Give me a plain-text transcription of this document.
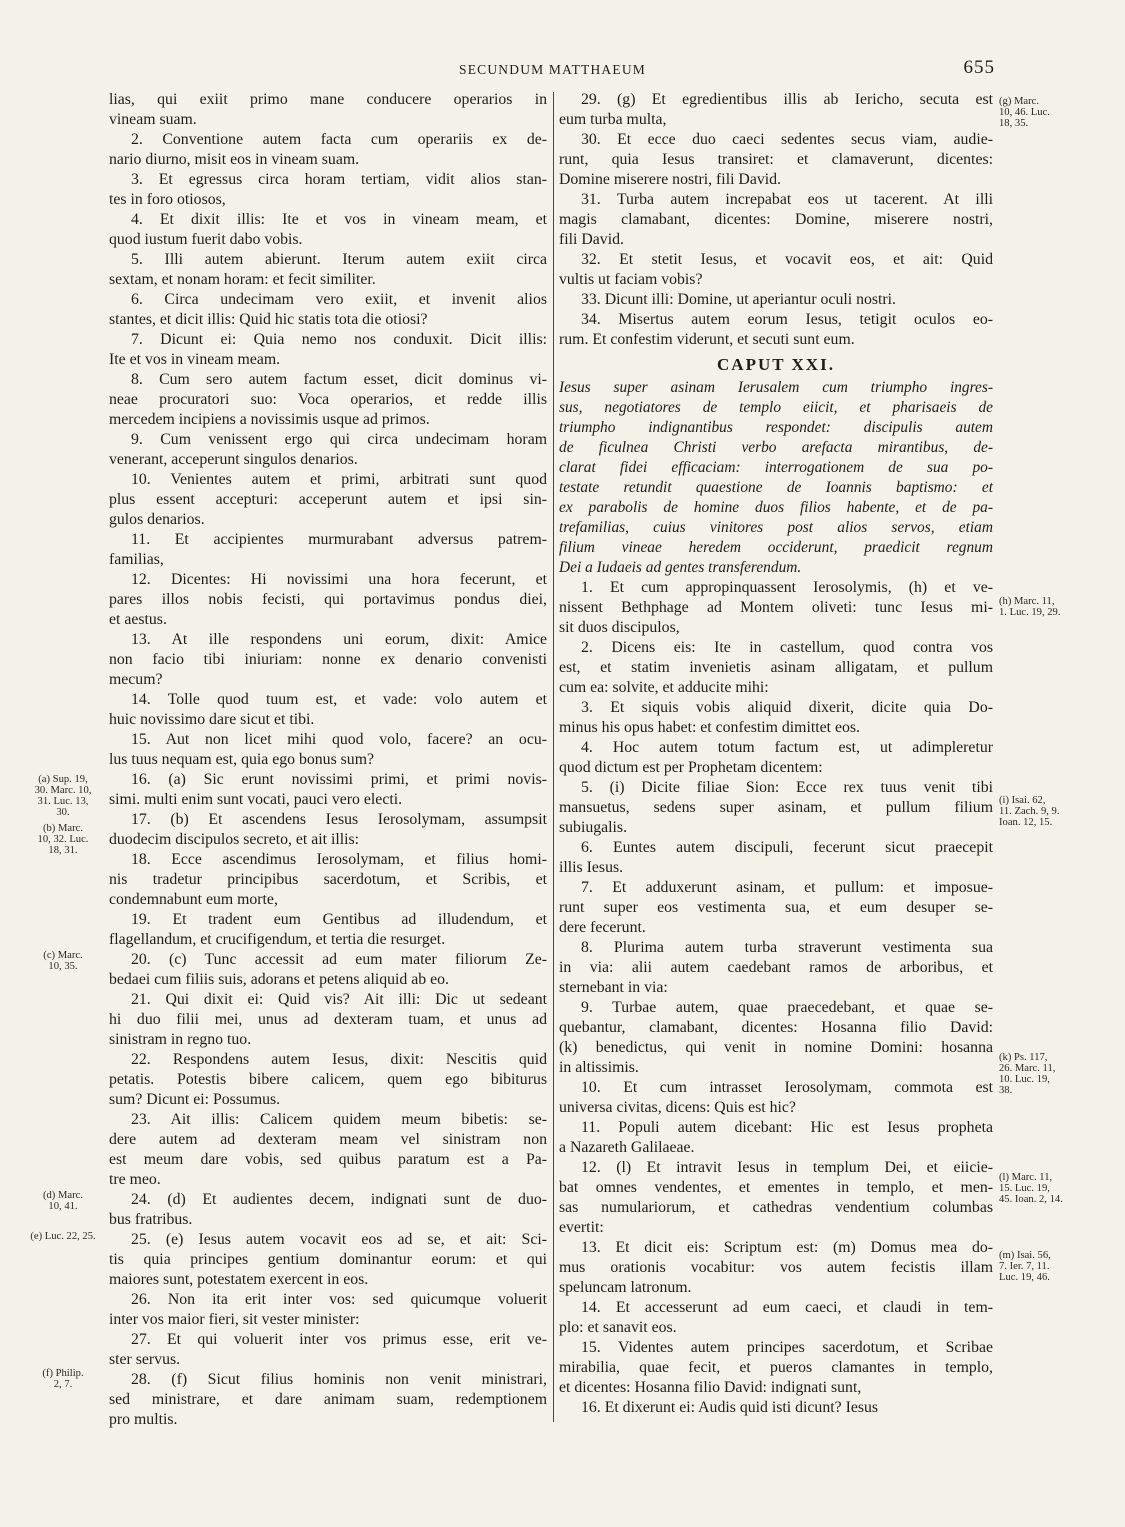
SECUNDUM MATTHAEUM	655
lias, qui exiit primo mane conducere operarios in
vineam suam.
2. Conventione autem facta cum operariis ex de-
nario diurno, misit eos in vineam suam.
3. Et egressus circa horam tertiam, vidit alios stan-
tes in foro otiosos,
4. Et dixit illis: Ite et vos in vineam meam, et
quod iustum fuerit dabo vobis.
5. Illi autem abierunt. Iterum autem exiit circa
sextam, et nonam horam: et fecit similiter.
6. Circa undecimam vero exiit, et invenit alios
stantes, et dicit illis: Quid hic statis tota die otiosi?
7. Dicunt ei: Quia nemo nos conduxit. Dicit illis:
Ite et vos in vineam meam.
8. Cum sero autem factum esset, dicit dominus vi-
neae procuratori suo: Voca operarios, et redde illis
mercedem incipiens a novissimis usque ad primos.
9. Cum venissent ergo qui circa undecimam horam
venerant, acceperunt singulos denarios.
10. Venientes autem et primi, arbitrati sunt quod
plus essent accepturi: acceperunt autem et ipsi sin-
gulos denarios.
11. Et accipientes murmurabant adversus patrem-
familias,
12. Dicentes: Hi novissimi una hora fecerunt, et
pares illos nobis fecisti, qui portavimus pondus diei,
et aestus.
13. At ille respondens uni eorum, dixit: Amice
non facio tibi iniuriam: nonne ex denario convenisti
mecum?
14. Tolle quod tuum est, et vade: volo autem et
huic novissimo dare sicut et tibi.
15. Aut non licet mihi quod volo, facere? an ocu-
lus tuus nequam est, quia ego bonus sum?
16. (a) Sic erunt novissimi primi, et primi novis-
simi. multi enim sunt vocati, pauci vero electi.
17. (b) Et ascendens Iesus Ierosolymam, assumpsit
duodecim discipulos secreto, et ait illis:
18. Ecce ascendimus Ierosolymam, et filius homi-
nis tradetur principibus sacerdotum, et Scribis, et
condemnabunt eum morte,
19. Et tradent eum Gentibus ad illudendum, et
flagellandum, et crucifigendum, et tertia die resurget.
20. (c) Tunc accessit ad eum mater filiorum Ze-
bedaei cum filiis suis, adorans et petens aliquid ab eo.
21. Qui dixit ei: Quid vis? Ait illi: Dic ut sedeant
hi duo filii mei, unus ad dexteram tuam, et unus ad
sinistram in regno tuo.
22. Respondens autem Iesus, dixit: Nescitis quid
petatis. Potestis bibere calicem, quem ego bibiturus
sum? Dicunt ei: Possumus.
23. Ait illis: Calicem quidem meum bibetis: se-
dere autem ad dexteram meam vel sinistram non
est meum dare vobis, sed quibus paratum est a Pa-
tre meo.
24. (d) Et audientes decem, indignati sunt de duo-
bus fratribus.
25. (e) Iesus autem vocavit eos ad se, et ait: Sci-
tis quia principes gentium dominantur eorum: et qui
maiores sunt, potestatem exercent in eos.
26. Non ita erit inter vos: sed quicumque voluerit
inter vos maior fieri, sit vester minister:
27. Et qui voluerit inter vos primus esse, erit ve-
ster servus.
28. (f) Sicut filius hominis non venit ministrari,
sed ministrare, et dare animam suam, redemptionem
pro multis.
29. (g) Et egredientibus illis ab Iericho, secuta est
eum turba multa,
30. Et ecce duo caeci sedentes secus viam, audie-
runt, quia Iesus transiret: et clamaverunt, dicentes:
Domine miserere nostri, fili David.
31. Turba autem increpabat eos ut tacerent. At illi
magis clamabant, dicentes: Domine, miserere nostri,
fili David.
32. Et stetit Iesus, et vocavit eos, et ait: Quid
vultis ut faciam vobis?
33. Dicunt illi: Domine, ut aperiantur oculi nostri.
34. Misertus autem eorum Iesus, tetigit oculos eo-
rum. Et confestim viderunt, et secuti sunt eum.
CAPUT XXI.
Iesus super asinam Ierusalem cum triumpho ingres-
sus, negotiatores de templo eiicit, et pharisaeis de
triumpho indignantibus respondet: discipulis autem
de ficulnea Christi verbo arefacta mirantibus, de-
clarat fidei efficaciam: interrogationem de sua po-
testate retundit quaestione de Ioannis baptismo: et
ex parabolis de homine duos filios habente, et de pa-
trefamilias, cuius vinitores post alios servos, etiam
filium vineae heredem occiderunt, praedicit regnum
Dei a Iudaeis ad gentes transferendum.
1. Et cum appropinquassent Ierosolymis, (h) et ve-
nissent Bethphage ad Montem oliveti: tunc Iesus mi-
sit duos discipulos,
2. Dicens eis: Ite in castellum, quod contra vos
est, et statim invenietis asinam alligatam, et pullum
cum ea: solvite, et adducite mihi:
3. Et siquis vobis aliquid dixerit, dicite quia Do-
minus his opus habet: et confestim dimittet eos.
4. Hoc autem totum factum est, ut adimpleretur
quod dictum est per Prophetam dicentem:
5. (i) Dicite filiae Sion: Ecce rex tuus venit tibi
mansuetus, sedens super asinam, et pullum filium
subiugalis.
6. Euntes autem discipuli, fecerunt sicut praecepit
illis Iesus.
7. Et adduxerunt asinam, et pullum: et imposue-
runt super eos vestimenta sua, et eum desuper se-
dere fecerunt.
8. Plurima autem turba straverunt vestimenta sua
in via: alii autem caedebant ramos de arboribus, et
sternebant in via:
9. Turbae autem, quae praecedebant, et quae se-
quebantur, clamabant, dicentes: Hosanna filio David:
(k) benedictus, qui venit in nomine Domini: hosanna
in altissimis.
10. Et cum intrasset Ierosolymam, commota est
universa civitas, dicens: Quis est hic?
11. Populi autem dicebant: Hic est Iesus propheta
a Nazareth Galilaeae.
12. (l) Et intravit Iesus in templum Dei, et eiicie-
bat omnes vendentes, et ementes in templo, et men-
sas numulariorum, et cathedras vendentium columbas
evertit:
13. Et dicit eis: Scriptum est: (m) Domus mea do-
mus orationis vocabitur: vos autem fecistis illam
speluncam latronum.
14. Et accesserunt ad eum caeci, et claudi in tem-
plo: et sanavit eos.
15. Videntes autem principes sacerdotum, et Scribae
mirabilia, quae fecit, et pueros clamantes in templo,
et dicentes: Hosanna filio David: indignati sunt,
16. Et dixerunt ei: Audis quid isti dicunt? Iesus
(a) Sup. 19,
30. Marc. 10,
31. Luc. 13,
30.
(b) Marc.
10, 32. Luc.
18, 31.
(c) Marc.
10, 35.
(d) Marc.
10, 41.
(e) Luc. 22, 25.
(f) Philip.
2, 7.
(g) Marc.
10, 46. Luc.
18, 35.
(h) Marc. 11,
1. Luc. 19, 29.
(i) Isai. 62,
11. Zach. 9, 9.
Ioan. 12, 15.
(k) Ps. 117,
26. Marc. 11,
10. Luc. 19,
38.
(l) Marc. 11,
15. Luc. 19,
45. Ioan. 2, 14.
(m) Isai. 56,
7. Ier. 7, 11.
Luc. 19, 46.
